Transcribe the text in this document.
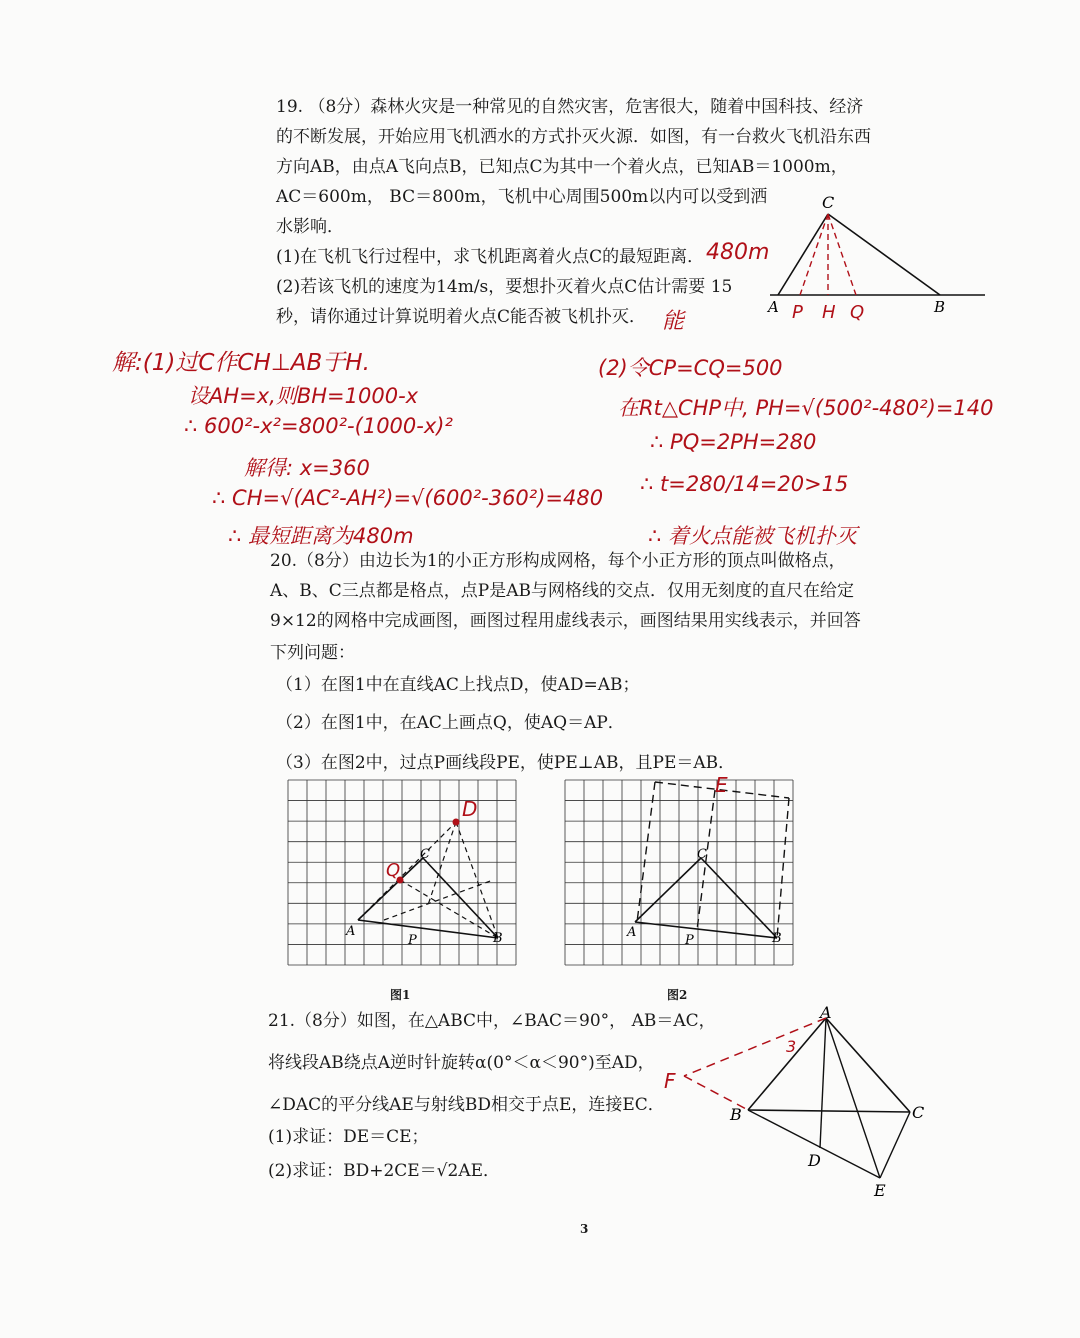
19. （8分）森林火灾是一种常见的自然灾害，危害很大，随着中国科技、经济
的不断发展，开始应用飞机洒水的方式扑灭火源．如图，有一台救火飞机沿东西
方向AB，由点A飞向点B，已知点C为其中一个着火点，已知AB＝1000m，
AC＝600m， BC＝800m，飞机中心周围500m以内可以受到洒
水影响．
(1)在飞机飞行过程中，求飞机距离着火点C的最短距离．
(2)若该飞机的速度为14m/s，要想扑灭着火点C估计需要 15
秒，请你通过计算说明着火点C能否被飞机扑灭．
480m
能
C
A	B
P H Q
解:(1)过C作CH⊥AB于H.
设AH=x,则BH=1000-x
∴ 600²-x²=800²-(1000-x)²
解得: x=360
∴ CH=√(AC²-AH²)=√(600²-360²)=480
∴ 最短距离为480m
(2)令CP=CQ=500
在Rt△CHP中, PH=√(500²-480²)=140
∴ PQ=2PH=280
∴ t=280/14=20>15
∴ 着火点能被飞机扑灭
20.（8分）由边长为1的小正方形构成网格，每个小正方形的顶点叫做格点，
A、B、C三点都是格点，点P是AB与网格线的交点．仅用无刻度的直尺在给定
9×12的网格中完成画图，画图过程用虚线表示，画图结果用实线表示，并回答
下列问题：
（1）在图1中在直线AC上找点D，使AD=AB；
（2）在图1中，在AC上画点Q，使AQ＝AP．
（3）在图2中，过点P画线段PE，使PE⊥AB，且PE＝AB．
A	B
C
P
D
Q
A	B
C
P
E
图1	图2
21.（8分）如图，在△ABC中，∠BAC＝90°， AB＝AC，
将线段AB绕点A逆时针旋转α(0°＜α＜90°)至AD，
∠DAC的平分线AE与射线BD相交于点E，连接EC．
(1)求证：DE＝CE；
(2)求证：BD+2CE＝√2AE．
A
B	C
D
E
F
3
3
